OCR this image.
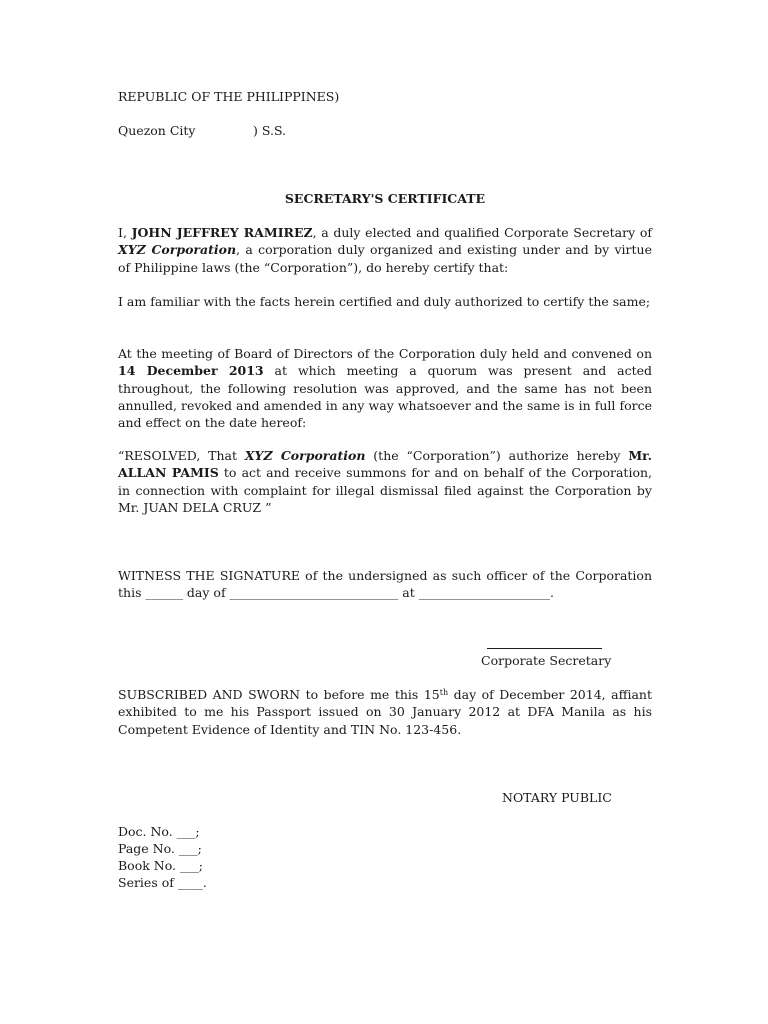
REPUBLIC OF THE PHILIPPINES)
Quezon City	) S.S.
SECRETARY'S CERTIFICATE

I, JOHN JEFFREY RAMIREZ, a duly elected and qualified Corporate Secretary of XYZ Corporation, a corporation duly organized and existing under and by virtue of Philippine laws (the “Corporation”), do hereby certify that:

I am familiar with the facts herein certified and duly authorized to certify the same;

At the meeting of Board of Directors of the Corporation duly held and convened on 14 December 2013 at which meeting a quorum was present and acted throughout, the following resolution was approved, and the same has not been annulled, revoked and amended in any way whatsoever and the same is in full force and effect on the date hereof:

“RESOLVED, That XYZ Corporation (the “Corporation”) authorize hereby Mr. ALLAN PAMIS to act and receive summons for and on behalf of the Corporation, in connection with complaint for illegal dismissal filed against the Corporation by Mr. JUAN DELA CRUZ ”

WITNESS THE SIGNATURE of the undersigned as such officer of the Corporation this ______ day of ___________________________ at _____________________.

Corporate Secretary

SUBSCRIBED AND SWORN to before me this 15th day of December 2014, affiant exhibited to me his Passport issued on 30 January 2012 at DFA Manila as his Competent Evidence of Identity and TIN No. 123-456.

NOTARY PUBLIC
Doc. No. ___;
Page No. ___;
Book No. ___;
Series of ____.
